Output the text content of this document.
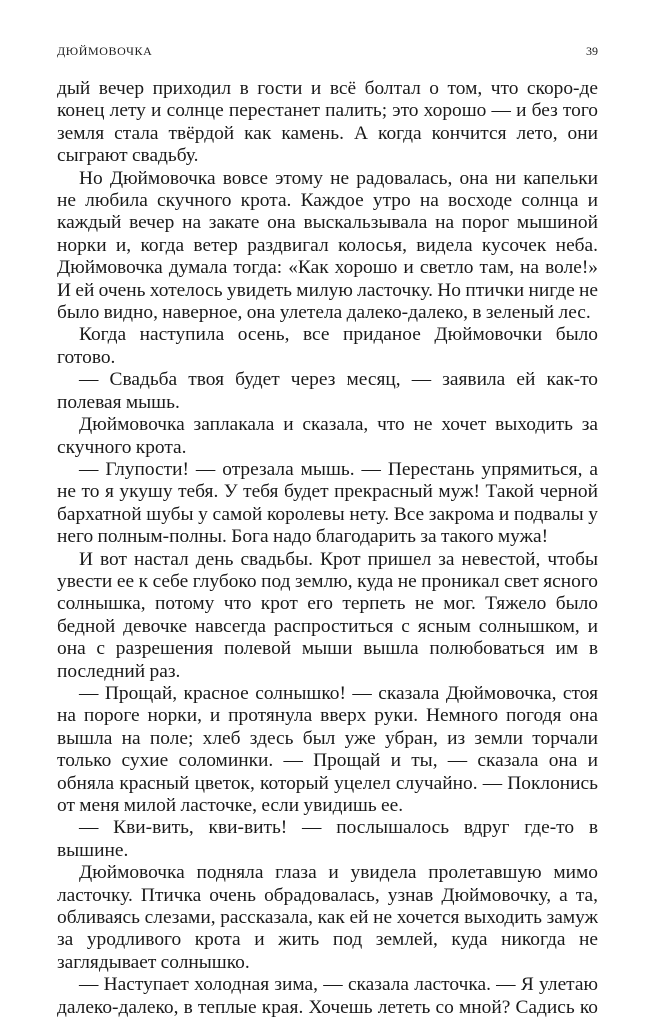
ДЮЙМОВОЧКА	39

дый вечер приходил в гости и всё болтал о том, что скоро-де конец лету и солнце перестанет палить; это хорошо — и без того земля стала твёрдой как камень. А когда кончится лето, они сыграют свадьбу.

Но Дюймовочка вовсе этому не радовалась, она ни капельки не любила скучного крота. Каждое утро на восходе солнца и каждый вечер на закате она выскальзывала на порог мышиной норки и, когда ветер раздвигал колосья, видела кусочек неба. Дюймовочка думала тогда: «Как хорошо и светло там, на воле!» И ей очень хотелось увидеть милую ласточку. Но птички нигде не было видно, наверное, она улетела далеко-далеко, в зеленый лес.

Когда наступила осень, все приданое Дюймовочки было готово.

— Свадьба твоя будет через месяц, — заявила ей как-то полевая мышь.

Дюймовочка заплакала и сказала, что не хочет выходить за скучного крота.

— Глупости! — отрезала мышь. — Перестань упрямиться, а не то я укушу тебя. У тебя будет прекрасный муж! Такой черной бархатной шубы у самой королевы нету. Все закрома и подвалы у него полным-полны. Бога надо благодарить за такого мужа!

И вот настал день свадьбы. Крот пришел за невестой, чтобы увести ее к себе глубоко под землю, куда не проникал свет ясного солнышка, потому что крот его терпеть не мог. Тяжело было бедной девочке навсегда распроститься с ясным солнышком, и она с разрешения полевой мыши вышла полюбоваться им в последний раз.

— Прощай, красное солнышко! — сказала Дюймовочка, стоя на пороге норки, и протянула вверх руки. Немного погодя она вышла на поле; хлеб здесь был уже убран, из земли торчали только сухие соломинки. — Прощай и ты, — сказала она и обняла красный цветок, который уцелел случайно. — Поклонись от меня милой ласточке, если увидишь ее.

— Кви-вить, кви-вить! — послышалось вдруг где-то в вышине.

Дюймовочка подняла глаза и увидела пролетавшую мимо ласточку. Птичка очень обрадовалась, узнав Дюймовочку, а та, обливаясь слезами, рассказала, как ей не хочется выходить замуж за уродливого крота и жить под землей, куда никогда не заглядывает солнышко.

— Наступает холодная зима, — сказала ласточка. — Я улетаю далеко-далеко, в теплые края. Хочешь лететь со мной? Садись ко
